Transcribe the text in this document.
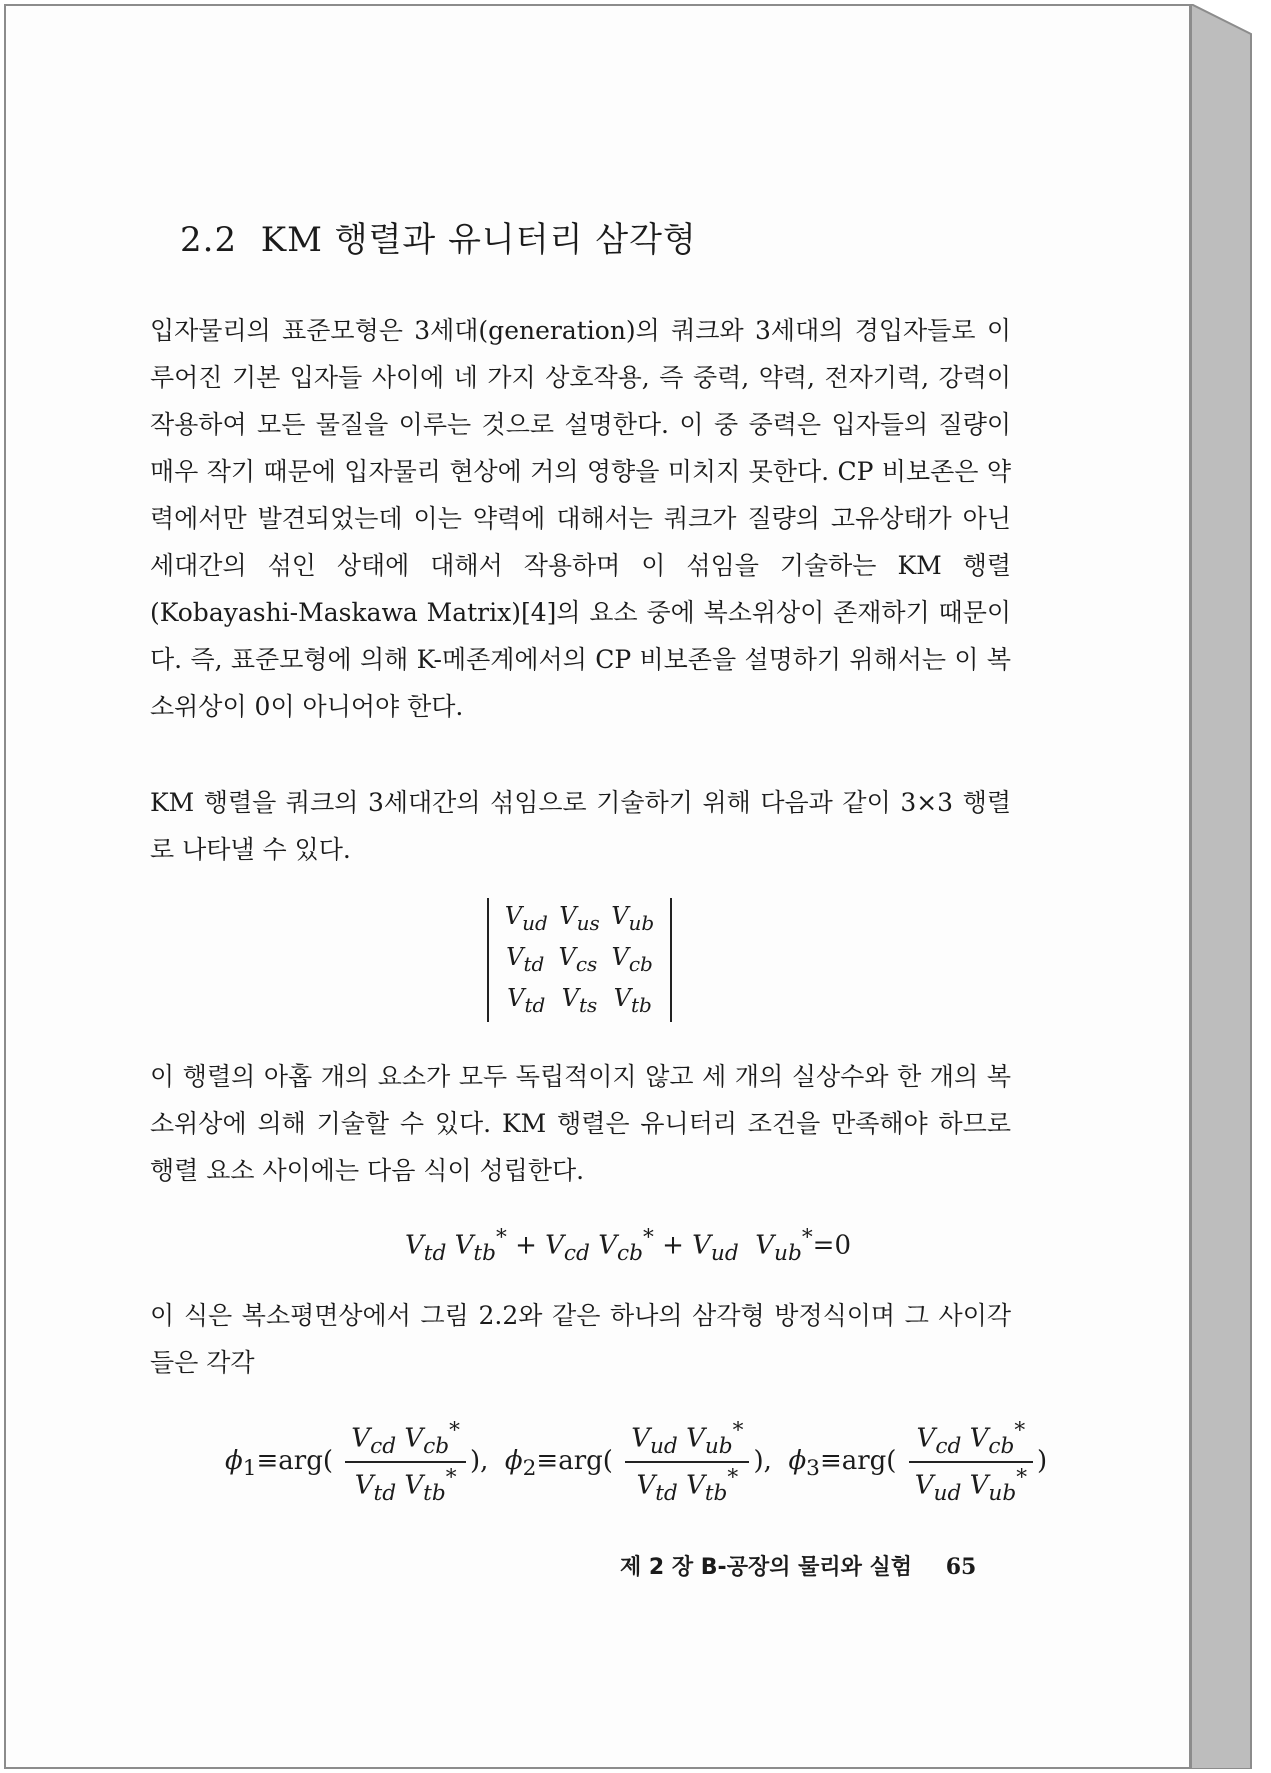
2.2 KM 행렬과 유니터리 삼각형

입자물리의 표준모형은 3세대(generation)의 쿼크와 3세대의 경입자들로 이루어진 기본 입자들 사이에 네 가지 상호작용, 즉 중력, 약력, 전자기력, 강력이 작용하여 모든 물질을 이루는 것으로 설명한다. 이 중 중력은 입자들의 질량이 매우 작기 때문에 입자물리 현상에 거의 영향을 미치지 못한다. CP 비보존은 약력에서만 발견되었는데 이는 약력에 대해서는 쿼크가 질량의 고유상태가 아닌 세대간의 섞인 상태에 대해서 작용하며 이 섞임을 기술하는 KM 행렬(Kobayashi-Maskawa Matrix)[4]의 요소 중에 복소위상이 존재하기 때문이다. 즉, 표준모형에 의해 K-메존계에서의 CP 비보존을 설명하기 위해서는 이 복소위상이 0이 아니어야 한다.

KM 행렬을 쿼크의 3세대간의 섞임으로 기술하기 위해 다음과 같이 3×3 행렬로 나타낼 수 있다.

$V_{ud}$ $V_{us}$ $V_{ub}$
$V_{td}$ $V_{cs}$ $V_{cb}$
$V_{td}$ $V_{ts}$ $V_{tb}$

이 행렬의 아홉 개의 요소가 모두 독립적이지 않고 세 개의 실상수와 한 개의 복소위상에 의해 기술할 수 있다. KM 행렬은 유니터리 조건을 만족해야 하므로 행렬 요소 사이에는 다음 식이 성립한다.

$V_{td}$ $V_{tb}^* + V_{cd}$ $V_{cb}^* + V_{ud}$ $V_{ub}^*=0$

이 식은 복소평면상에서 그림 2.2와 같은 하나의 삼각형 방정식이며 그 사이각들은 각각

$\phi_1\equiv arg( \frac{V_{cd} V_{cb}^*}{V_{td} V_{tb}^*}$ ), $\phi_2\equiv arg( \frac{V_{ud} V_{ub}^*}{V_{td} V_{tb}^*}$ ), $\phi_3\equiv arg( \frac{V_{cd} V_{cb}^*}{V_{ud} V_{ub}^*}$ )
제 2 장 B-공장의 물리와 실험 65
